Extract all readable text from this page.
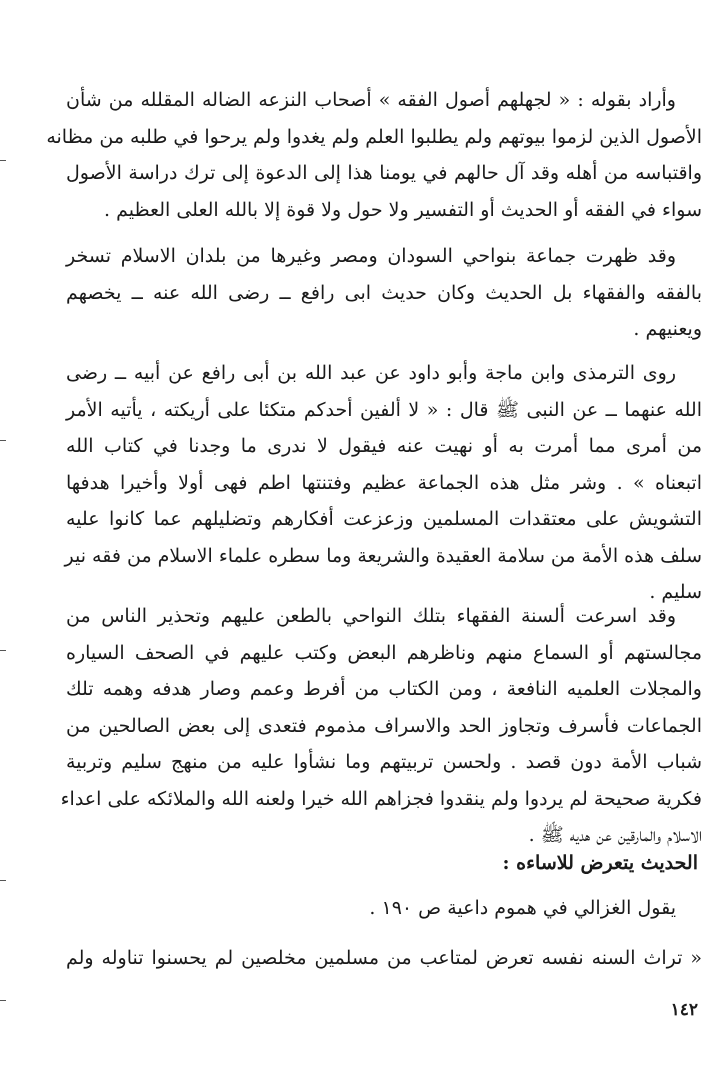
وأراد بقوله : « لجهلهم أصول الفقه » أصحاب النزعه الضاله المقلله من شأن
الأصول الذين لزموا بيوتهم ولم يطلبوا العلم ولم يغدوا ولم يرحوا في طلبه من مظانه
واقتباسه من أهله وقد آل حالهم في يومنا هذا إلى الدعوة إلى ترك دراسة الأصول
سواء في الفقه أو الحديث أو التفسير ولا حول ولا قوة إلا بالله العلى العظيم .
وقد ظهرت جماعة بنواحي السودان ومصر وغيرها من بلدان الاسلام تسخر
بالفقه والفقهاء بل الحديث وكان حديث ابى رافع ــ رضى الله عنه ــ يخصهم
ويعنيهم .
روى الترمذى وابن ماجة وأبو داود عن عبد الله بن أبى رافع عن أبيه ــ رضى
الله عنهما ــ عن النبى ﷺ قال : « لا ألفين أحدكم متكئا على أريكته ، يأتيه الأمر
من أمرى مما أمرت به أو نهيت عنه فيقول لا ندرى ما وجدنا في كتاب الله
اتبعناه » . وشر مثل هذه الجماعة عظيم وفتنتها اطم فهى أولا وأخيرا هدفها
التشويش على معتقدات المسلمين وزعزعت أفكارهم وتضليلهم عما كانوا عليه
سلف هذه الأمة من سلامة العقيدة والشريعة وما سطره علماء الاسلام من فقه نير
سليم .
وقد اسرعت ألسنة الفقهاء بتلك النواحي بالطعن عليهم وتحذير الناس من
مجالستهم أو السماع منهم وناظرهم البعض وكتب عليهم في الصحف السياره
والمجلات العلميه النافعة ، ومن الكتاب من أفرط وعمم وصار هدفه وهمه تلك
الجماعات فأسرف وتجاوز الحد والاسراف مذموم فتعدى إلى بعض الصالحين من
شباب الأمة دون قصد . ولحسن تربيتهم وما نشأوا عليه من منهج سليم وتربية
فكرية صحيحة لم يردوا ولم ينقدوا فجزاهم الله خيرا ولعنه الله والملائكه على اعداء
الاسلام والمارقين عن هديه ﷺ .
الحديث يتعرض للاساءه :
يقول الغزالي في هموم داعية ص ١٩٠ .
« تراث السنه نفسه تعرض لمتاعب من مسلمين مخلصين لم يحسنوا تناوله ولم
١٤٢
